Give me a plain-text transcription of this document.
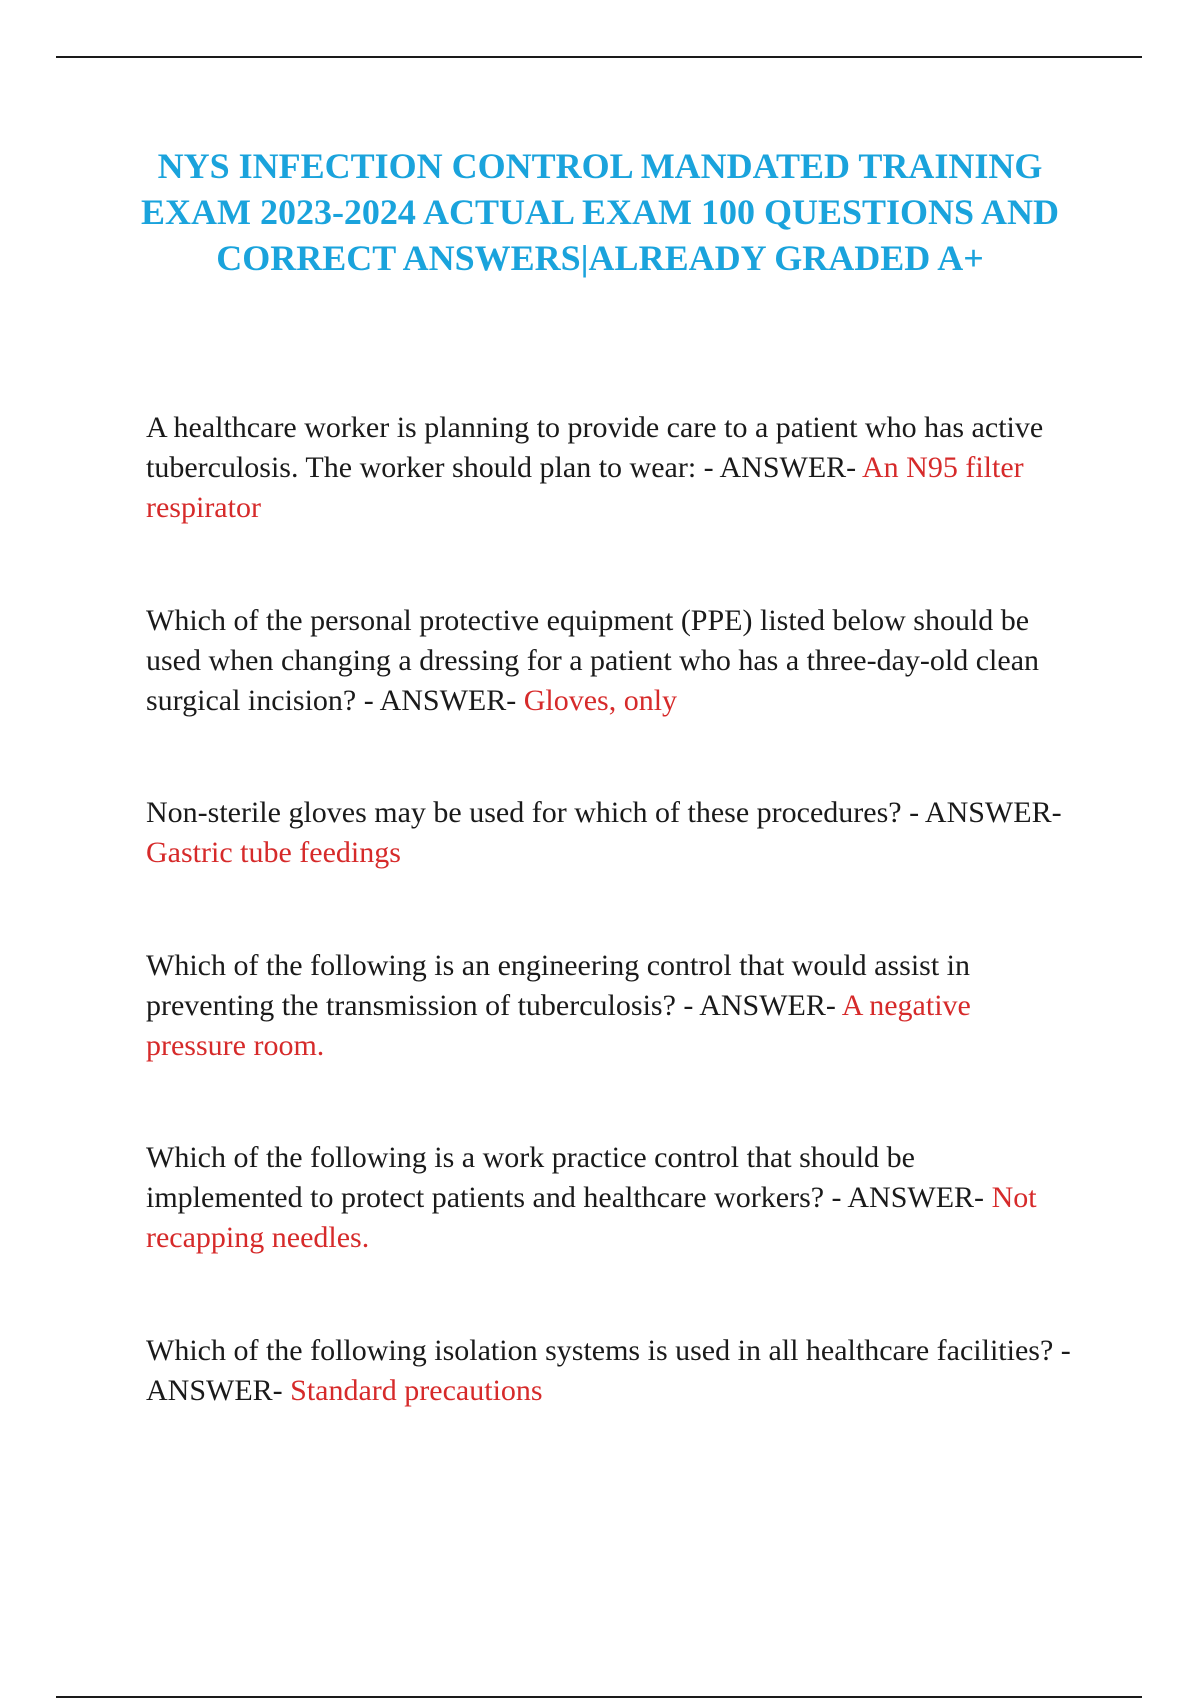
NYS INFECTION CONTROL MANDATED TRAINING EXAM 2023-2024 ACTUAL EXAM 100 QUESTIONS AND CORRECT ANSWERS|ALREADY GRADED A+

A healthcare worker is planning to provide care to a patient who has active tuberculosis. The worker should plan to wear: - ANSWER- An N95 filter respirator

Which of the personal protective equipment (PPE) listed below should be used when changing a dressing for a patient who has a three-day-old clean surgical incision? - ANSWER- Gloves, only

Non-sterile gloves may be used for which of these procedures? - ANSWER- Gastric tube feedings

Which of the following is an engineering control that would assist in preventing the transmission of tuberculosis? - ANSWER- A negative pressure room.

Which of the following is a work practice control that should be implemented to protect patients and healthcare workers? - ANSWER- Not recapping needles.

Which of the following isolation systems is used in all healthcare facilities? - ANSWER- Standard precautions
